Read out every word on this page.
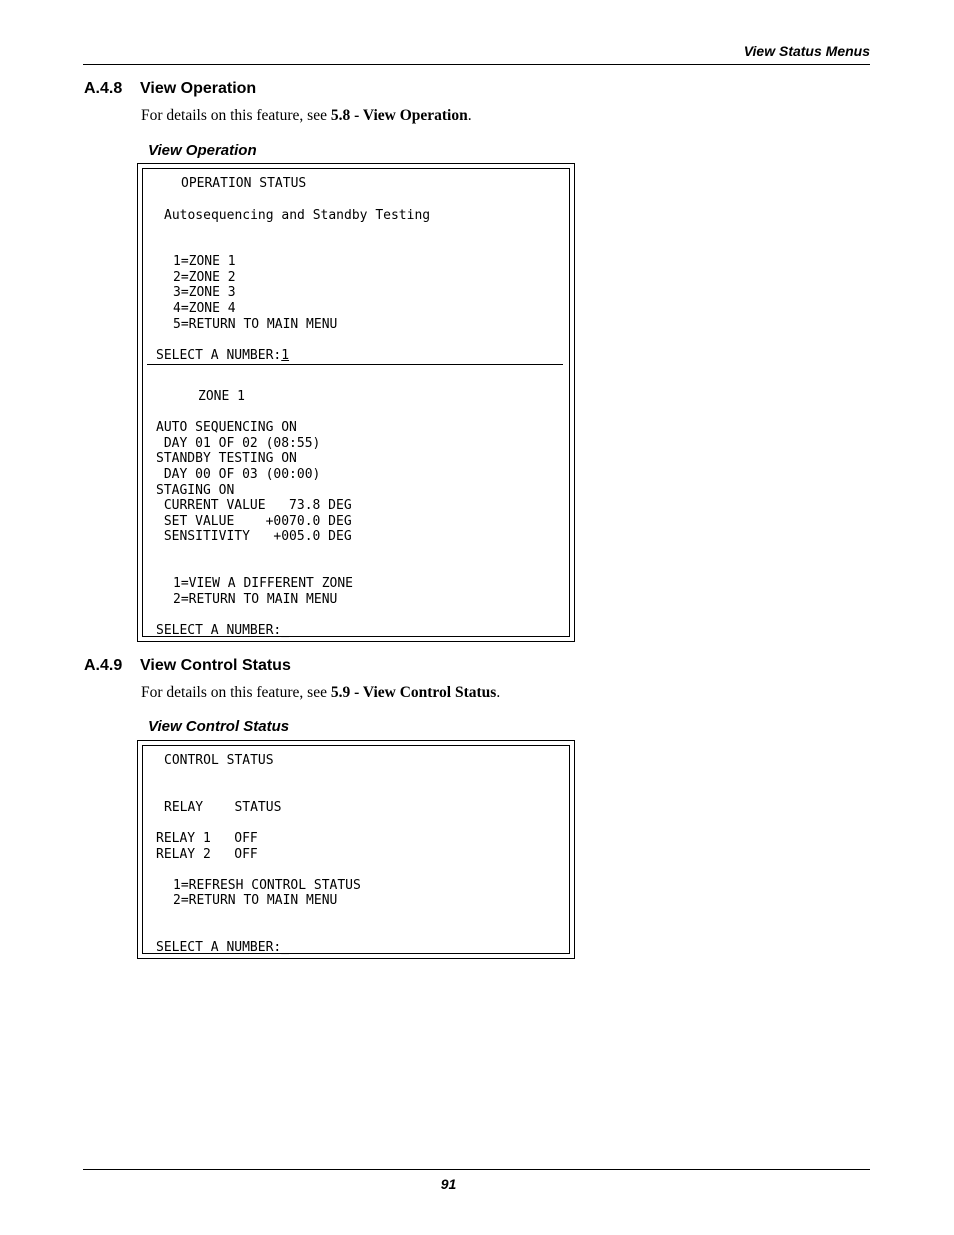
View Status Menus
A.4.8 View Operation
For details on this feature, see 5.8 - View Operation.
View Operation
OPERATION STATUS
Autosequencing and Standby Testing
1=ZONE 1
2=ZONE 2
3=ZONE 3
4=ZONE 4
5=RETURN TO MAIN MENU
SELECT A NUMBER:1
ZONE 1
AUTO SEQUENCING ON
DAY 01 OF 02 (08:55)
STANDBY TESTING ON
DAY 00 OF 03 (00:00)
STAGING ON
CURRENT VALUE   73.8 DEG
SET VALUE    +0070.0 DEG
SENSITIVITY   +005.0 DEG
1=VIEW A DIFFERENT ZONE
2=RETURN TO MAIN MENU
SELECT A NUMBER:_
A.4.9 View Control Status
For details on this feature, see 5.9 - View Control Status.
View Control Status
CONTROL STATUS
RELAY    STATUS
RELAY 1   OFF
RELAY 2   OFF
1=REFRESH CONTROL STATUS
2=RETURN TO MAIN MENU
SELECT A NUMBER:_
91
